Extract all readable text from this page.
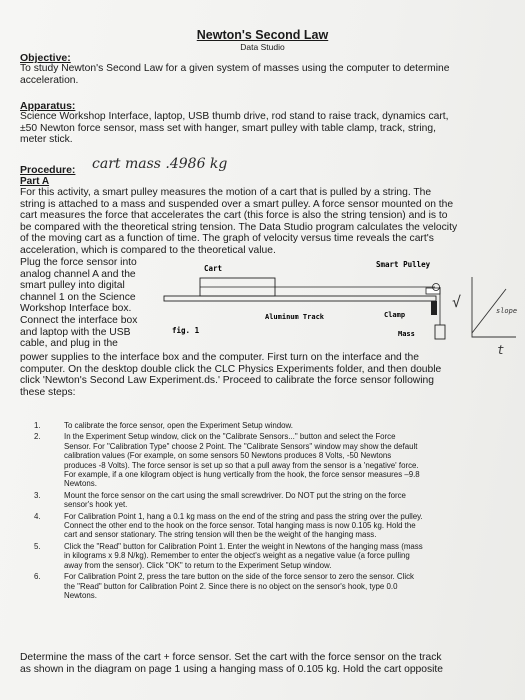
Newton's Second Law
Data Studio
Objective:
To study Newton's Second Law for a given system of masses using the computer to determine
acceleration.
Apparatus:
Science Workshop Interface, laptop, USB thumb drive, rod stand to raise track, dynamics cart,
±50 Newton force sensor, mass set with hanger, smart pulley with table clamp, track, string,
meter stick.
Procedure: cart mass .4986 kg
Part A
For this activity, a smart pulley measures the motion of a cart that is pulled by a string. The
string is attached to a mass and suspended over a smart pulley. A force sensor mounted on the
cart measures the force that accelerates the cart (this force is also the string tension) and is to
be compared with the theoretical string tension. The Data Studio program calculates the velocity
of the moving cart as a function of time. The graph of velocity versus time reveals the cart's
acceleration, which is compared to the theoretical value.
Plug the force sensor into
analog channel A and the
smart pulley into digital
channel 1 on the Science
Workshop Interface box.
Connect the interface box
and laptop with the USB
cable, and plug in the
Cart	Smart Pulley
Aluminum Track	Clamp
Mass
fig. 1
√	slope
t
power supplies to the interface box and the computer. First turn on the interface and the
computer. On the desktop double click the CLC Physics Experiments folder, and then double
click 'Newton's Second Law Experiment.ds.' Proceed to calibrate the force sensor following
these steps:
1.	To calibrate the force sensor, open the Experiment Setup window.
2.	In the Experiment Setup window, click on the "Calibrate Sensors..." button and select the Force
Sensor. For "Calibration Type" choose 2 Point. The "Calibrate Sensors" window may show the default
calibration values (For example, on some sensors 50 Newtons produces 8 Volts, -50 Newtons
produces -8 Volts). The force sensor is set up so that a pull away from the sensor is a 'negative' force.
For example, if a one kilogram object is hung vertically from the hook, the force sensor measures –9.8
Newtons.
3.	Mount the force sensor on the cart using the small screwdriver. Do NOT put the string on the force
sensor's hook yet.
4.	For Calibration Point 1, hang a 0.1 kg mass on the end of the string and pass the string over the pulley.
Connect the other end to the hook on the force sensor. Total hanging mass is now 0.105 kg. Hold the
cart and sensor stationary. The string tension will then be the weight of the hanging mass.
5.	Click the "Read" button for Calibration Point 1. Enter the weight in Newtons of the hanging mass (mass
in kilograms x 9.8 N/kg). Remember to enter the object's weight as a negative value (a force pulling
away from the sensor). Click "OK" to return to the Experiment Setup window.
6.	For Calibration Point 2, press the tare button on the side of the force sensor to zero the sensor. Click
the "Read" button for Calibration Point 2. Since there is no object on the sensor's hook, type 0.0
Newtons.
Determine the mass of the cart + force sensor. Set the cart with the force sensor on the track
as shown in the diagram on page 1 using a hanging mass of 0.105 kg. Hold the cart opposite
